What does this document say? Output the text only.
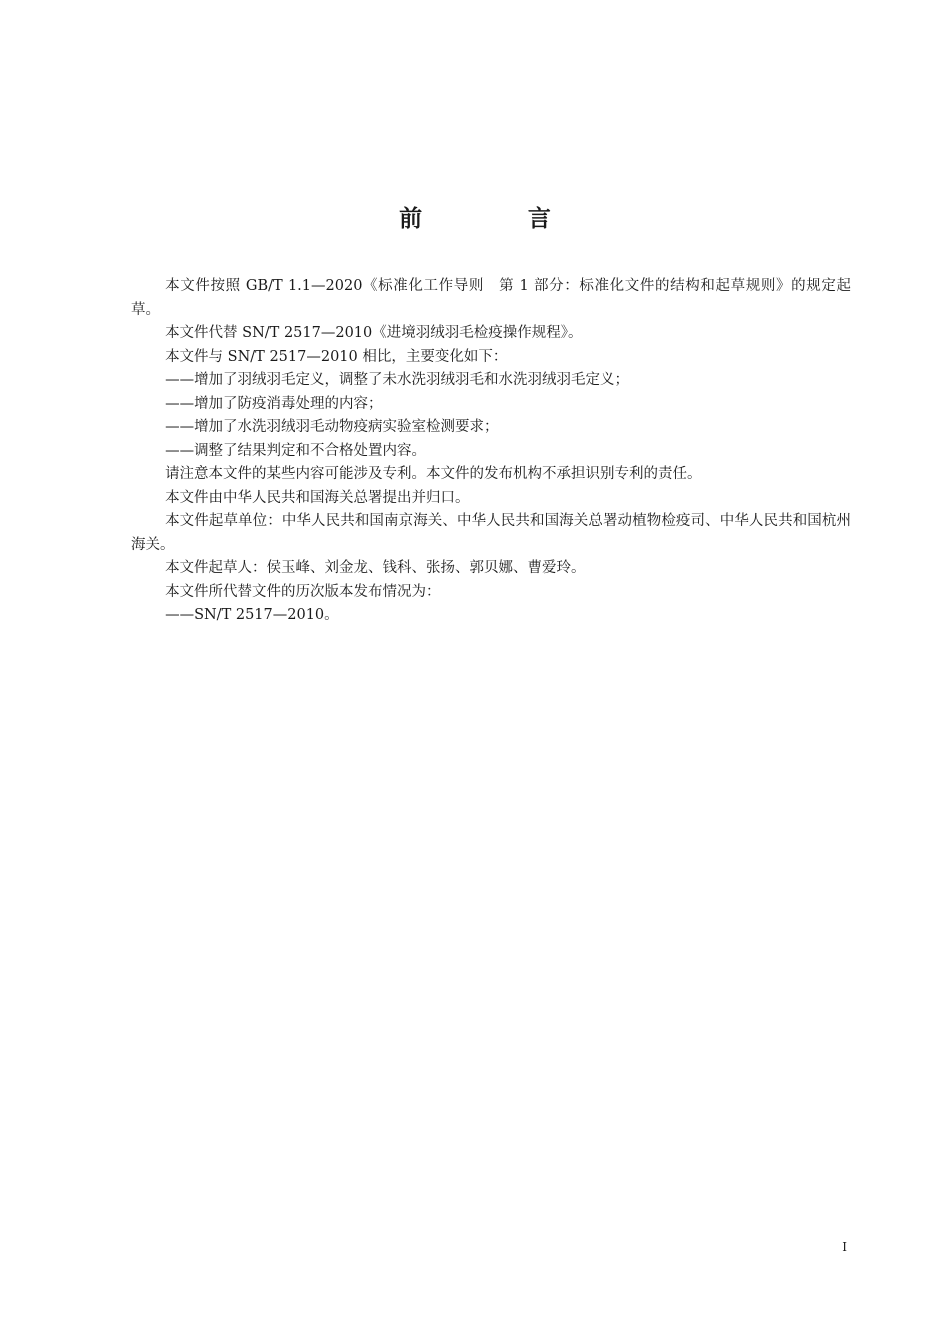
前　言

本文件按照 GB/T 1.1—2020《标准化工作导则　第 1 部分：标准化文件的结构和起草规则》的规定起草。

本文件代替 SN/T 2517—2010《进境羽绒羽毛检疫操作规程》。

本文件与 SN/T 2517—2010 相比，主要变化如下：

——增加了羽绒羽毛定义，调整了未水洗羽绒羽毛和水洗羽绒羽毛定义；

——增加了防疫消毒处理的内容；

——增加了水洗羽绒羽毛动物疫病实验室检测要求；

——调整了结果判定和不合格处置内容。

请注意本文件的某些内容可能涉及专利。本文件的发布机构不承担识别专利的责任。

本文件由中华人民共和国海关总署提出并归口。

本文件起草单位：中华人民共和国南京海关、中华人民共和国海关总署动植物检疫司、中华人民共和国杭州海关。

本文件起草人：侯玉峰、刘金龙、钱科、张扬、郭贝娜、曹爱玲。

本文件所代替文件的历次版本发布情况为：

——SN/T 2517—2010。

I
